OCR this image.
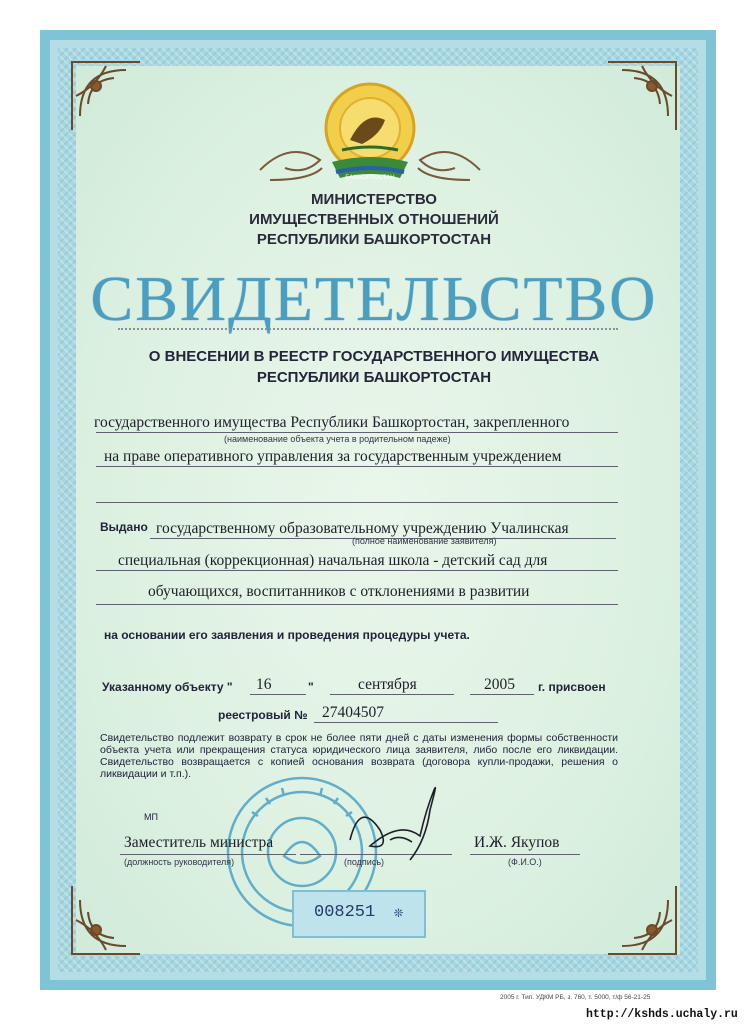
БАШКОРТОСТАН
МИНИСТЕРСТВО
ИМУЩЕСТВЕННЫХ ОТНОШЕНИЙ
РЕСПУБЛИКИ БАШКОРТОСТАН
СВИДЕТЕЛЬСТВО
О ВНЕСЕНИИ В РЕЕСТР ГОСУДАРСТВЕННОГО ИМУЩЕСТВА
РЕСПУБЛИКИ БАШКОРТОСТАН
государственного имущества Республики Башкортостан, закрепленного
(наименование объекта учета в родительном падеже)
на праве оперативного управления за государственным учреждением
Выдано государственному образовательному учреждению Учалинская
(полное наименование заявителя)
специальная (коррекционная) начальная школа - детский сад для
обучающихся, воспитанников с отклонениями в развитии
на основании его заявления и проведения процедуры учета.
Указанному объекту " 16	"	сентября	2005 г. присвоен
реестровый № 27404507
Свидетельство подлежит возврату в срок не более пяти дней с даты изменения формы собственности объекта учета или прекращения статуса юридического лица заявителя, либо после его ликвидации. Свидетельство возвращается с копией основания возврата (договора купли-продажи, решения о ликвидации и т.п.).
МП
Заместитель министра
(должность руководителя)	(подпись)
И.Ж. Якупов
(Ф.И.О.)
008251 ❊
2005 г. Тип. УДКМ РБ, з. 760, т. 5000, т/ф 56-21-25
http://kshds.uchaly.ru
